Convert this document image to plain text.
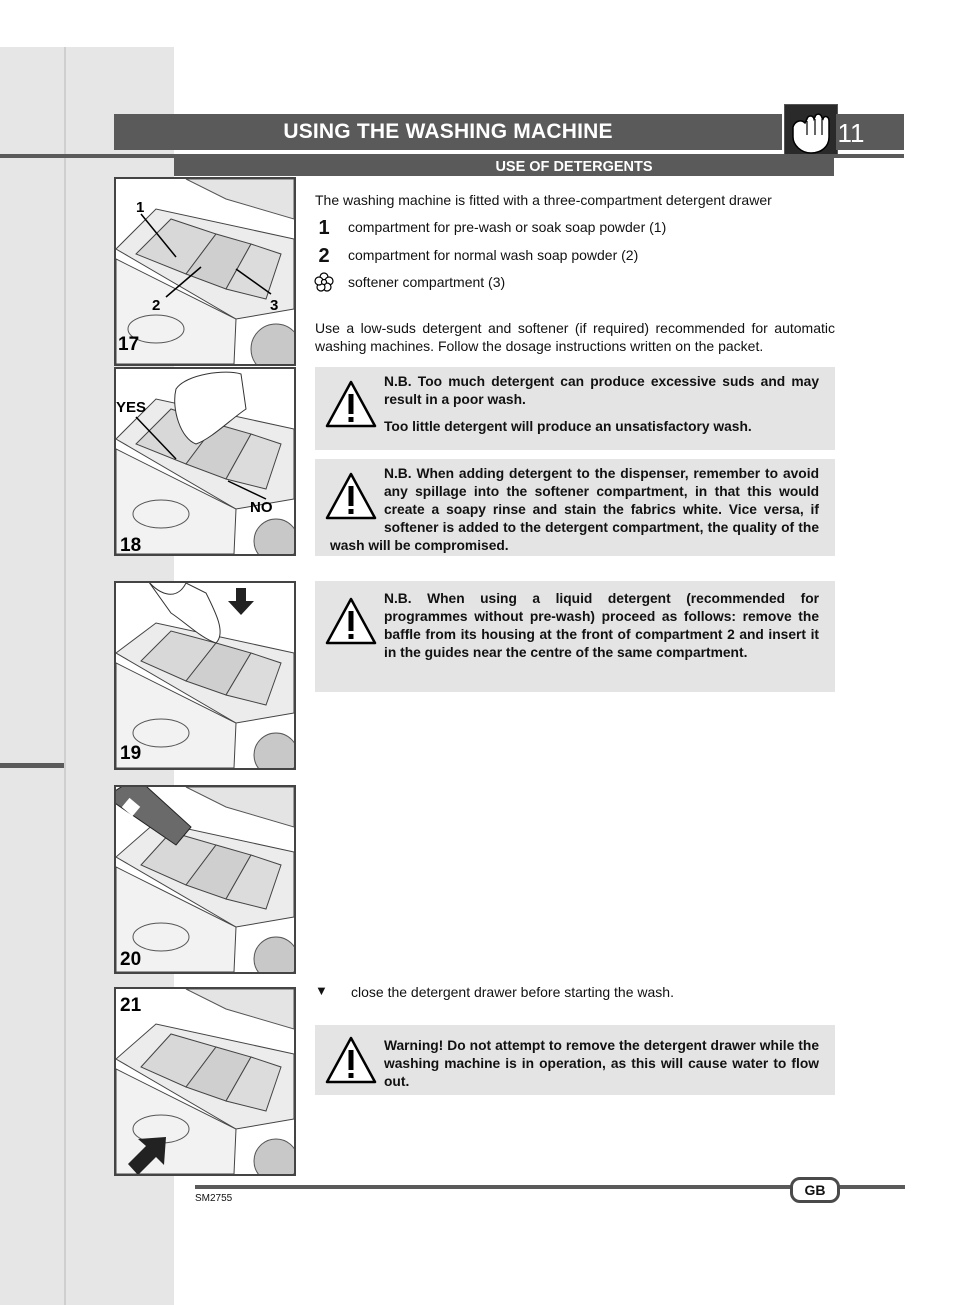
USING THE WASHING MACHINE	11
USE OF DETERGENTS
1
2	3
17
YES
NO
18
19
20
21
The washing machine is fitted with a three-compartment detergent drawer
1	compartment for pre-wash or soak soap powder (1)
2	compartment for normal wash soap powder (2)
softener compartment (3)
Use a low-suds detergent and softener (if required) recommended for automatic washing machines. Follow the dosage instructions written on the packet.

N.B. Too much detergent can produce excessive suds and may result in a poor wash.

Too little detergent will produce an unsatisfactory wash.

N.B. When adding detergent to the dispenser, remember to avoid any spillage into the softener compartment, in that this would create a soapy rinse and stain the fabrics white. Vice versa, if softener is added to the detergent compartment, the quality of the wash will be compromised.

N.B. When using a liquid detergent (recommended for programmes without pre-wash) proceed as follows: remove the baffle from its housing at the front of compartment 2 and insert it in the guides near the centre of the same compartment.

▼ close the detergent drawer before starting the wash.

Warning! Do not attempt to remove the detergent drawer while the washing machine is in operation, as this will cause water to flow out.

GB
SM2755
